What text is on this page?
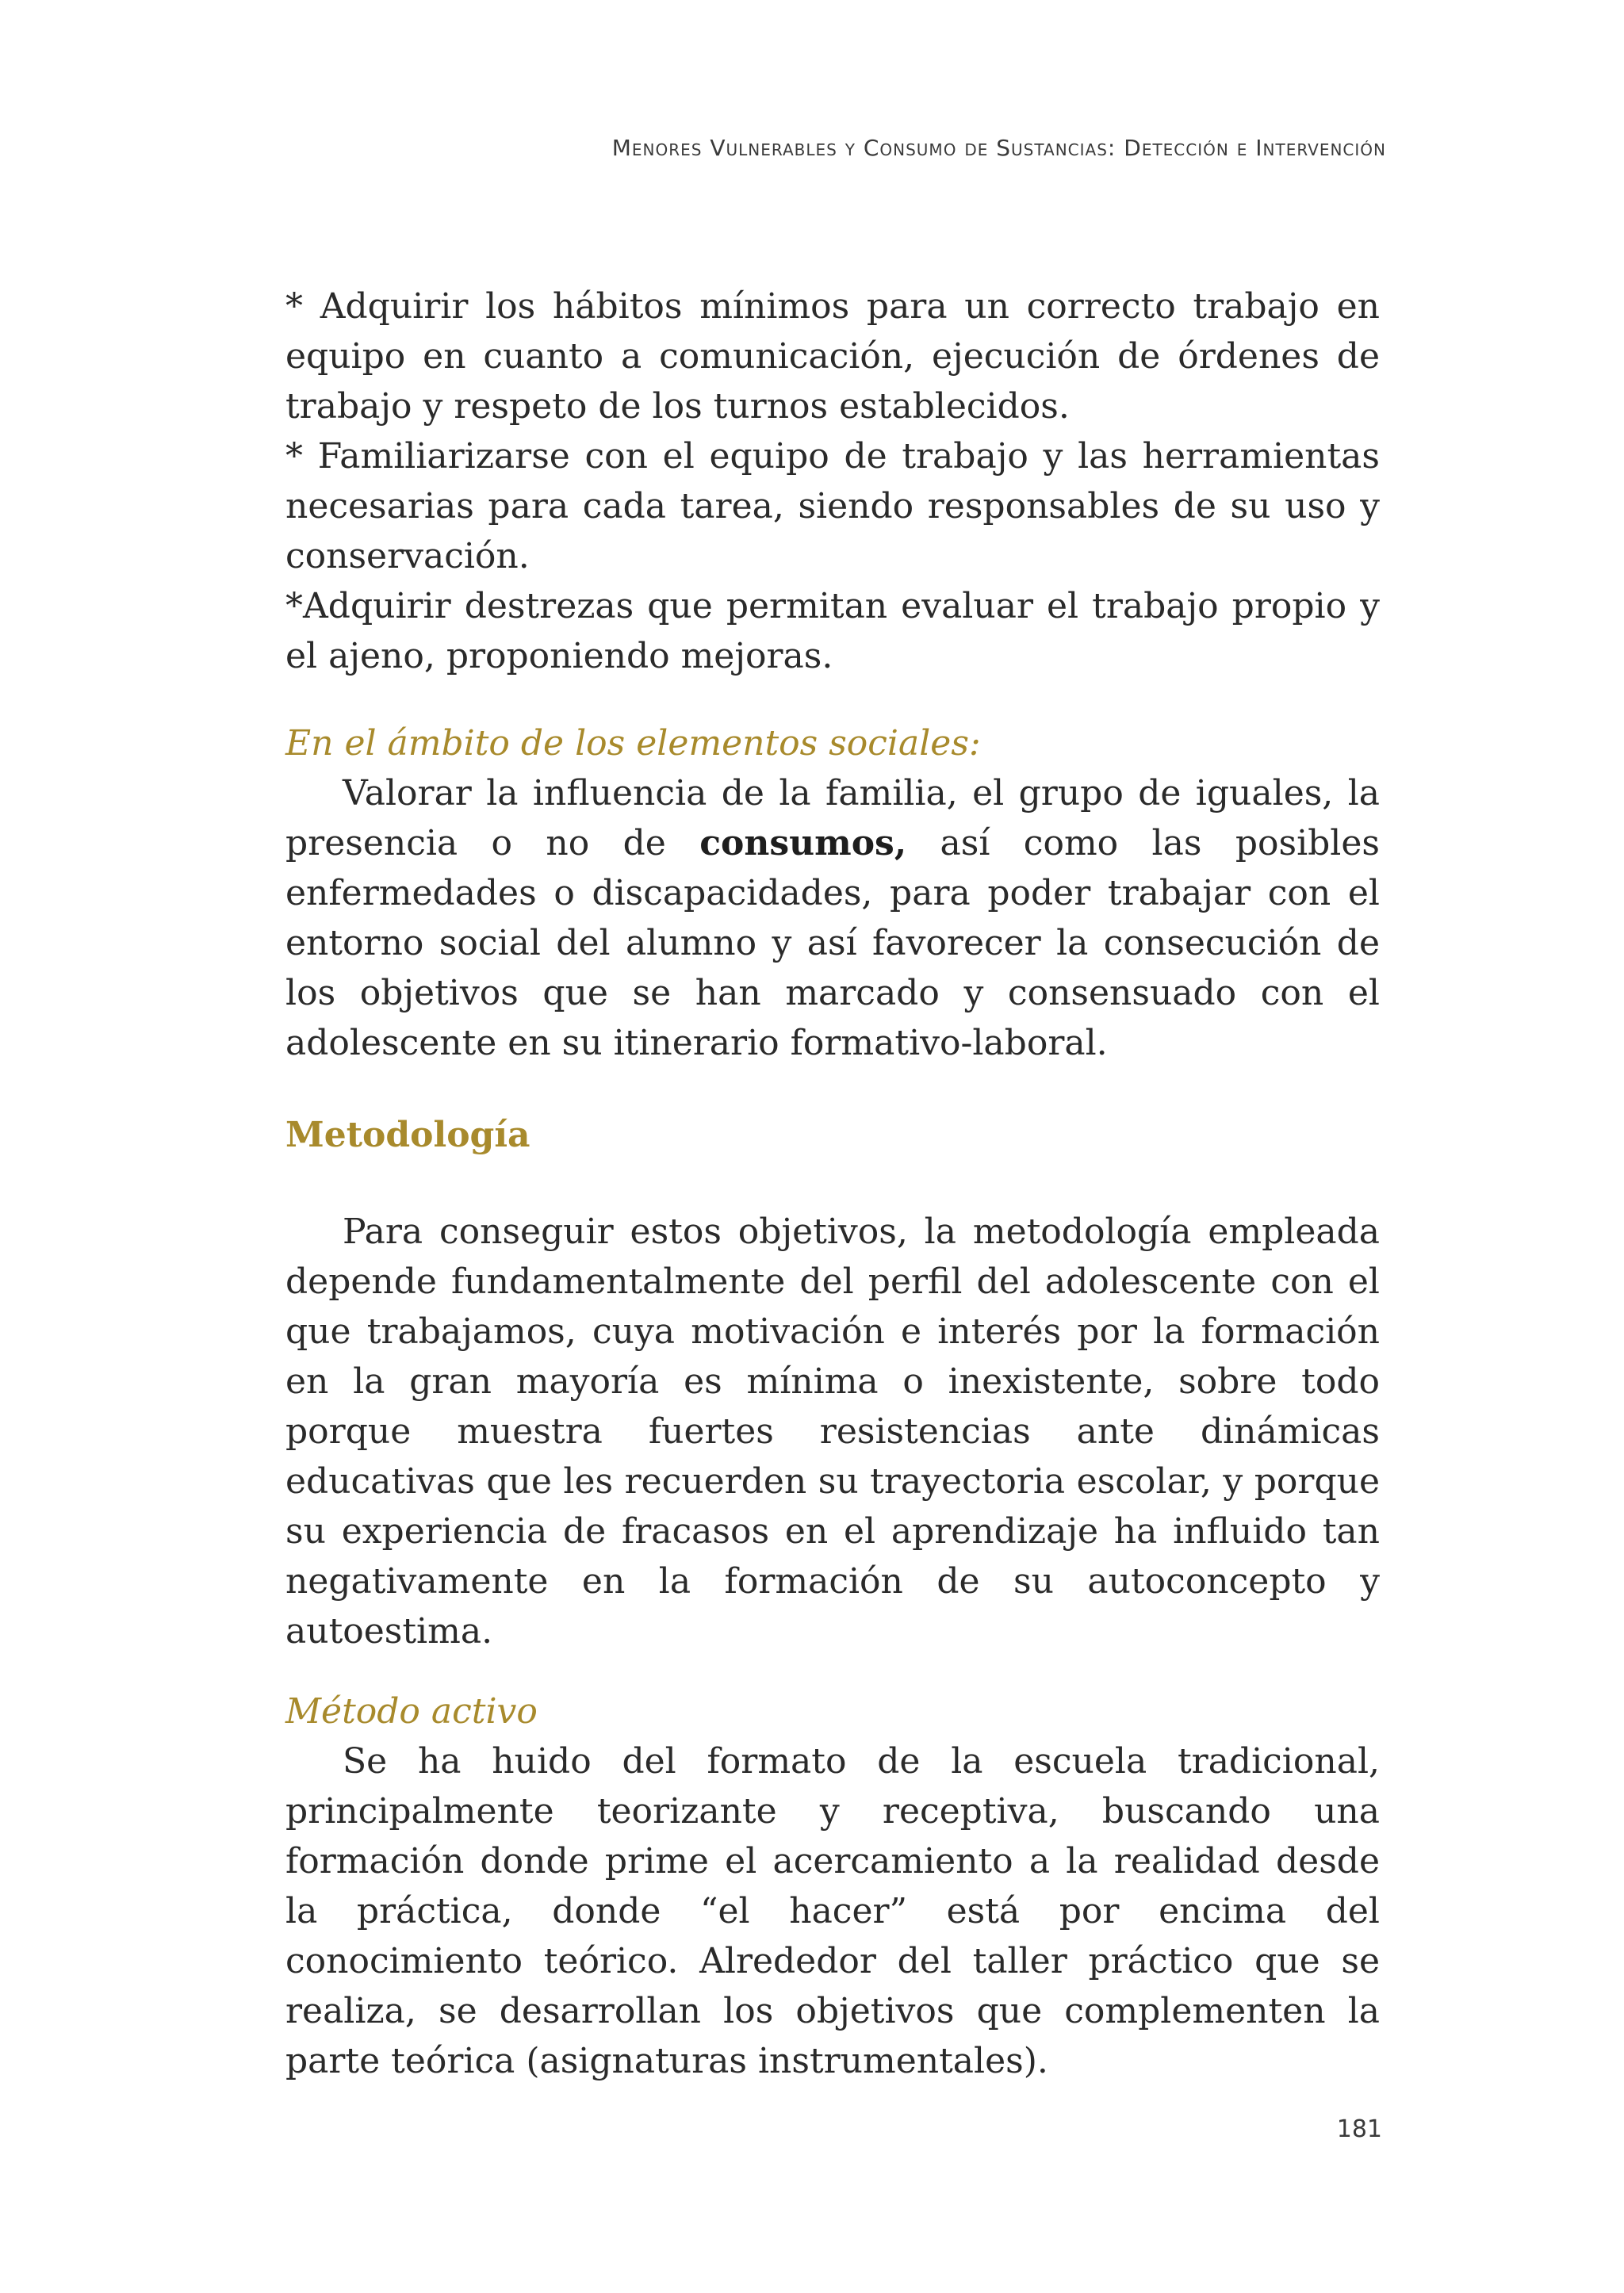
Menores Vulnerables y Consumo de Sustancias: Detección e Intervención

* Adquirir los hábitos mínimos para un correcto trabajo en equipo en cuanto a comunicación, ejecución de órdenes de trabajo y respeto de los turnos establecidos.

* Familiarizarse con el equipo de trabajo y las herramientas necesarias para cada tarea, siendo responsables de su uso y conservación.

*Adquirir destrezas que permitan evaluar el trabajo propio y el ajeno, proponiendo mejoras.

En el ámbito de los elementos sociales:

Valorar la influencia de la familia, el grupo de iguales, la presencia o no de consumos, así como las posibles enfermedades o discapacidades, para poder trabajar con el entorno social del alumno y así favorecer la consecución de los objetivos que se han marcado y consensuado con el adolescente en su itinerario formativo-laboral.

Metodología

Para conseguir estos objetivos, la metodología empleada depende fundamentalmente del perfil del adolescente con el que trabajamos, cuya motivación e interés por la formación en la gran mayoría es mínima o inexistente, sobre todo porque muestra fuertes resistencias ante dinámicas educativas que les recuerden su trayectoria escolar, y porque su experiencia de fracasos en el aprendizaje ha influido tan negativamente en la formación de su autoconcepto y autoestima.

Método activo

Se ha huido del formato de la escuela tradicional, principalmente teorizante y receptiva, buscando una formación donde prime el acercamiento a la realidad desde la práctica, donde “el hacer” está por encima del conocimiento teórico. Alrededor del taller práctico que se realiza, se desarrollan los objetivos que complementen la parte teórica (asignaturas instrumentales).

181
